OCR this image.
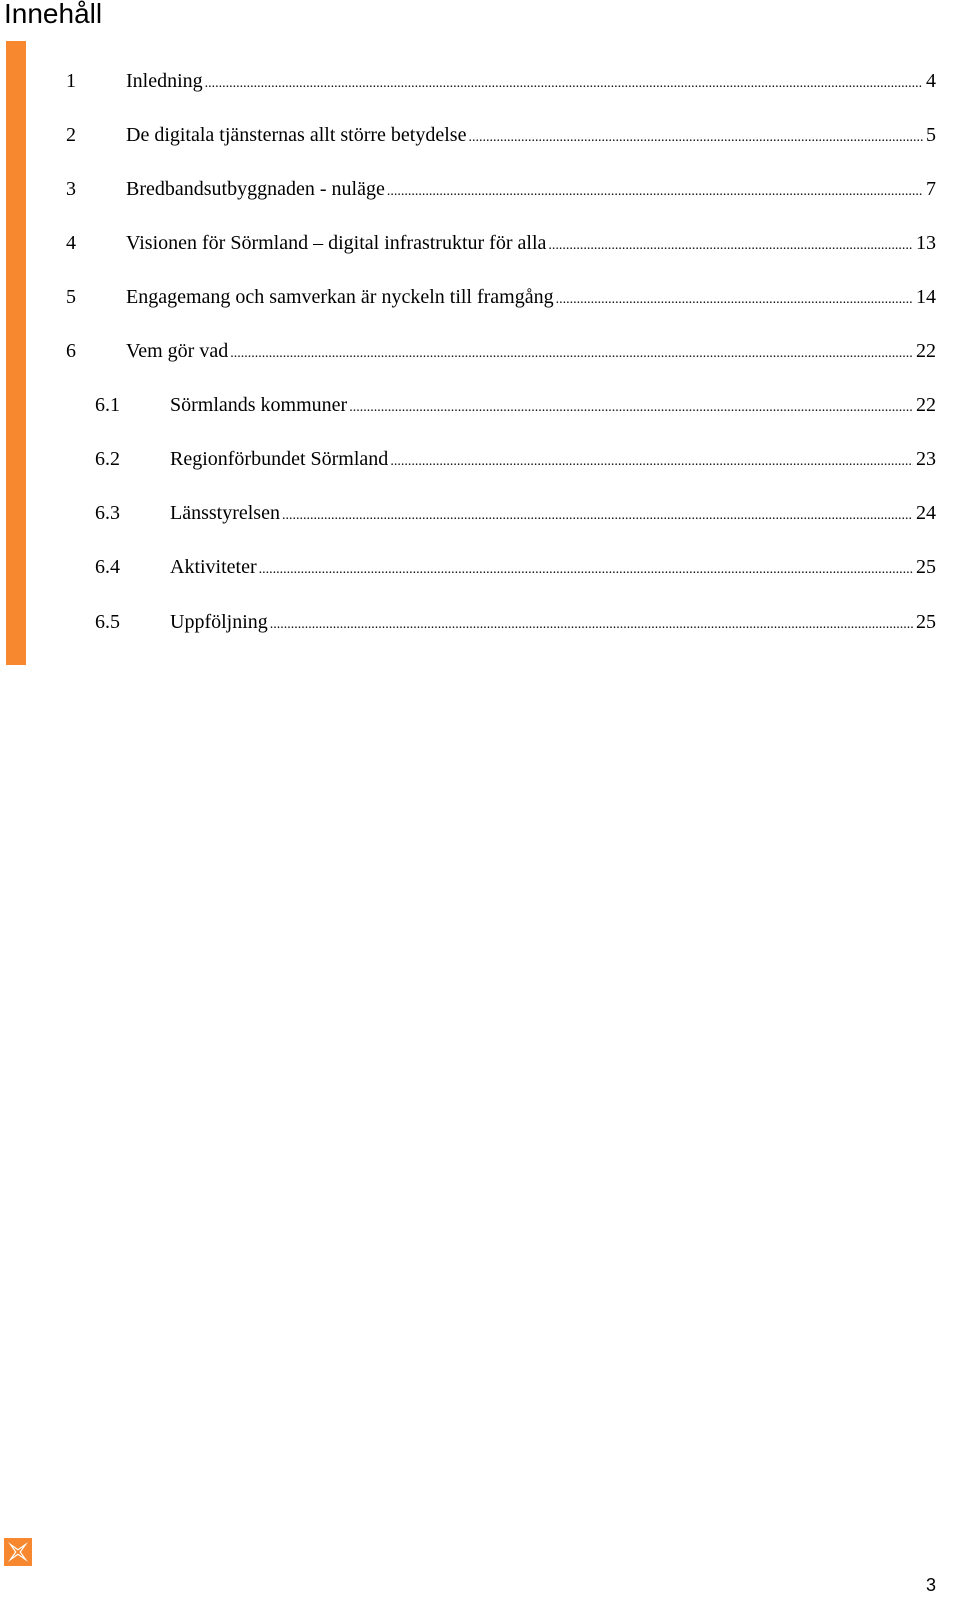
Innehåll
1	Inledning .....	4
2	De digitala tjänsternas allt större betydelse .....	5
3	Bredbandsutbyggnaden - nuläge .....	7
4	Visionen för Sörmland – digital infrastruktur för alla .....	13
5	Engagemang och samverkan är nyckeln till framgång .....	14
6	Vem gör vad .....	22
6.1	Sörmlands kommuner .....	22
6.2	Regionförbundet Sörmland .....	23
6.3	Länsstyrelsen .....	24
6.4	Aktiviteter .....	25
6.5	Uppföljning .....	25
3
